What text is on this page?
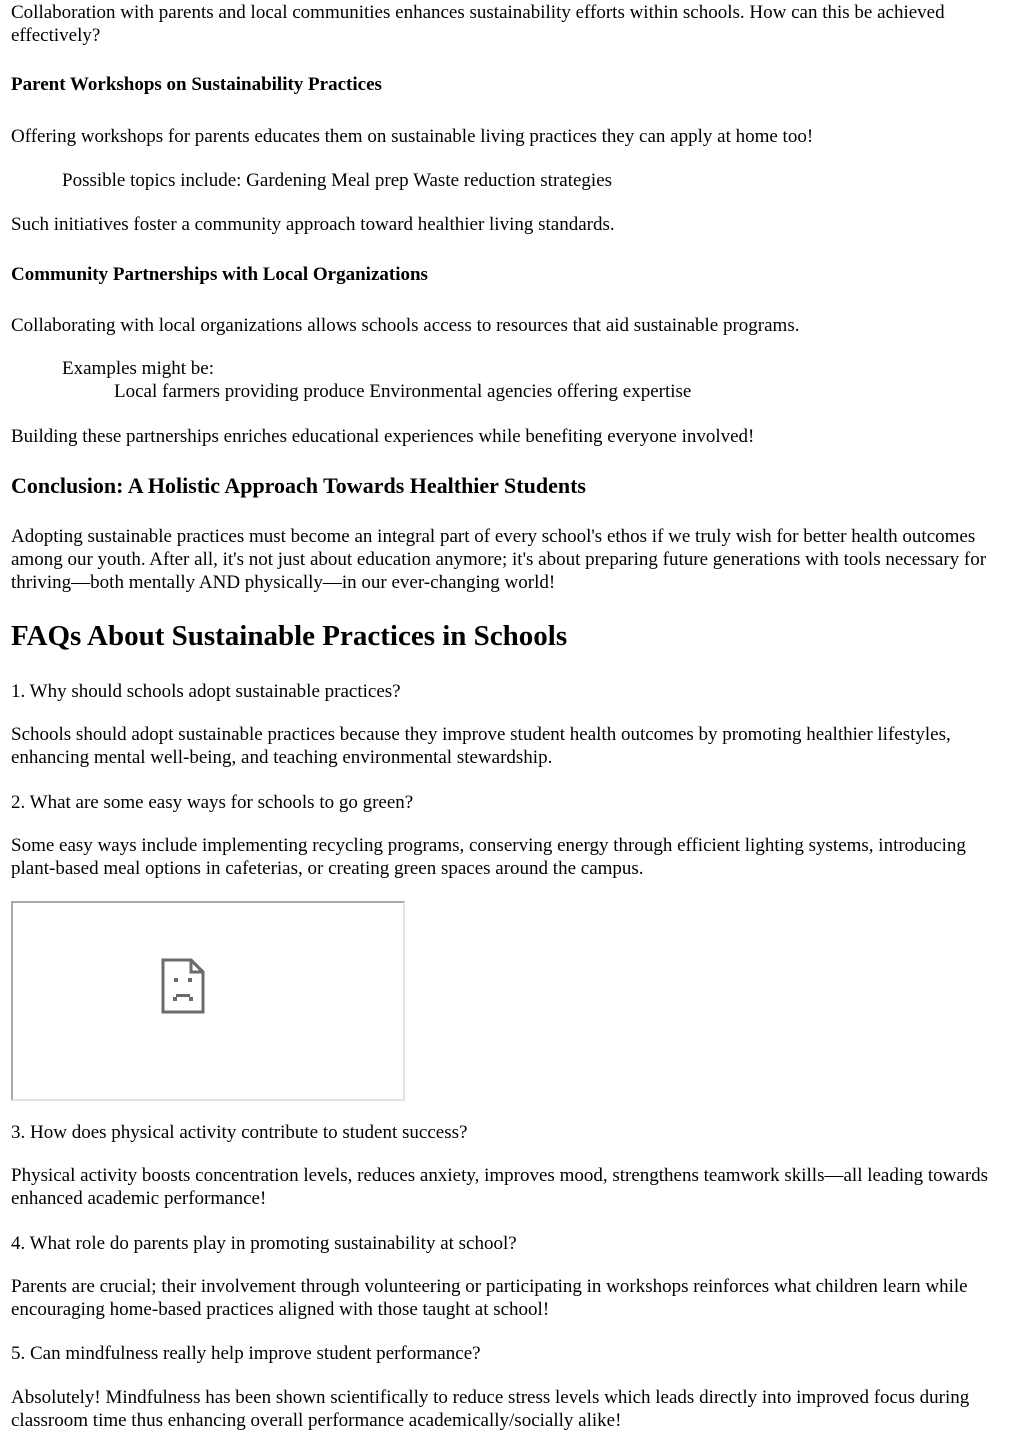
Collaboration with parents and local communities enhances sustainability efforts within schools. How can this be achieved effectively?

Parent Workshops on Sustainability Practices

Offering workshops for parents educates them on sustainable living practices they can apply at home too!

Possible topics include: Gardening Meal prep Waste reduction strategies

Such initiatives foster a community approach toward healthier living standards.

Community Partnerships with Local Organizations

Collaborating with local organizations allows schools access to resources that aid sustainable programs.

Examples might be:
Local farmers providing produce Environmental agencies offering expertise

Building these partnerships enriches educational experiences while benefiting everyone involved!

Conclusion: A Holistic Approach Towards Healthier Students

Adopting sustainable practices must become an integral part of every school's ethos if we truly wish for better health outcomes among our youth. After all, it's not just about education anymore; it's about preparing future generations with tools necessary for thriving—both mentally AND physically—in our ever-changing world!

FAQs About Sustainable Practices in Schools

1. Why should schools adopt sustainable practices?

Schools should adopt sustainable practices because they improve student health outcomes by promoting healthier lifestyles, enhancing mental well-being, and teaching environmental stewardship.

2. What are some easy ways for schools to go green?

Some easy ways include implementing recycling programs, conserving energy through efficient lighting systems, introducing plant-based meal options in cafeterias, or creating green spaces around the campus.

3. How does physical activity contribute to student success?

Physical activity boosts concentration levels, reduces anxiety, improves mood, strengthens teamwork skills—all leading towards enhanced academic performance!

4. What role do parents play in promoting sustainability at school?

Parents are crucial; their involvement through volunteering or participating in workshops reinforces what children learn while encouraging home-based practices aligned with those taught at school!

5. Can mindfulness really help improve student performance?

Absolutely! Mindfulness has been shown scientifically to reduce stress levels which leads directly into improved focus during classroom time thus enhancing overall performance academically/socially alike!
